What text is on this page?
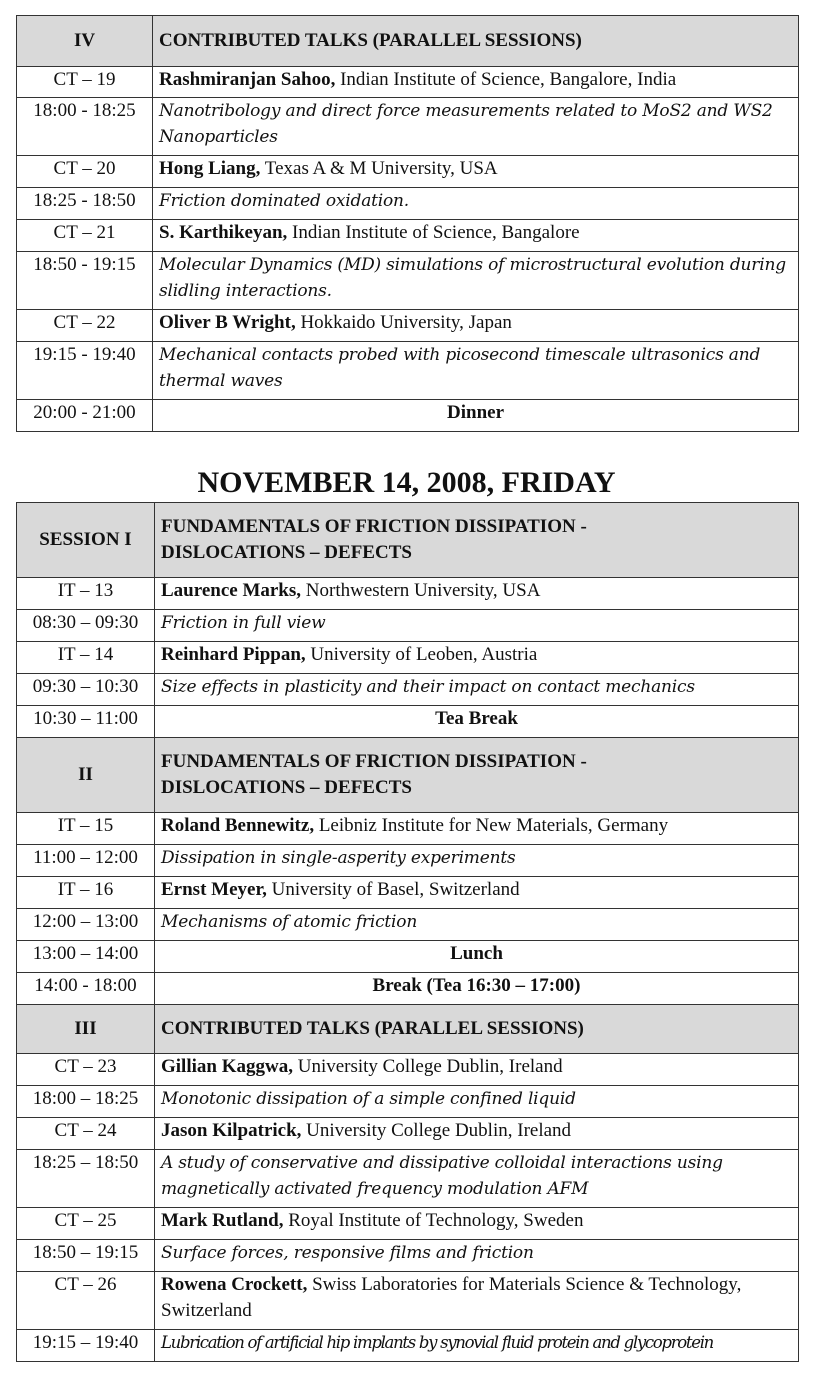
IV	CONTRIBUTED TALKS (PARALLEL SESSIONS)
CT – 19	Rashmiranjan Sahoo, Indian Institute of Science, Bangalore, India
18:00 - 18:25	Nanotribology and direct force measurements related to MoS2 and WS2 Nanoparticles
CT – 20	Hong Liang, Texas A & M University, USA
18:25 - 18:50	Friction dominated oxidation.
CT – 21	S. Karthikeyan, Indian Institute of Science, Bangalore
18:50 - 19:15	Molecular Dynamics (MD) simulations of microstructural evolution during slidling interactions.
CT – 22	Oliver B Wright, Hokkaido University, Japan
19:15 - 19:40	Mechanical contacts probed with picosecond timescale ultrasonics and thermal waves
20:00 - 21:00	Dinner
NOVEMBER 14, 2008, FRIDAY
SESSION I	FUNDAMENTALS OF FRICTION DISSIPATION -
DISLOCATIONS – DEFECTS

IT – 13	Laurence Marks, Northwestern University, USA
08:30 – 09:30	Friction in full view
IT – 14	Reinhard Pippan, University of Leoben, Austria
09:30 – 10:30	Size effects in plasticity and their impact on contact mechanics
10:30 – 11:00	Tea Break
II	FUNDAMENTALS OF FRICTION DISSIPATION -
DISLOCATIONS – DEFECTS

IT – 15	Roland Bennewitz, Leibniz Institute for New Materials, Germany
11:00 – 12:00	Dissipation in single-asperity experiments
IT – 16	Ernst Meyer, University of Basel, Switzerland
12:00 – 13:00	Mechanisms of atomic friction
13:00 – 14:00	Lunch
14:00 - 18:00	Break (Tea 16:30 – 17:00)
III	CONTRIBUTED TALKS (PARALLEL SESSIONS)
CT – 23	Gillian Kaggwa, University College Dublin, Ireland
18:00 – 18:25	Monotonic dissipation of a simple confined liquid
CT – 24	Jason Kilpatrick, University College Dublin, Ireland
18:25 – 18:50	A study of conservative and dissipative colloidal interactions using magnetically activated frequency modulation AFM
CT – 25	Mark Rutland, Royal Institute of Technology, Sweden
18:50 – 19:15	Surface forces, responsive films and friction
CT – 26	Rowena Crockett, Swiss Laboratories for Materials Science & Technology, Switzerland
19:15 – 19:40	Lubrication of artificial hip implants by synovial fluid protein and glycoprotein
